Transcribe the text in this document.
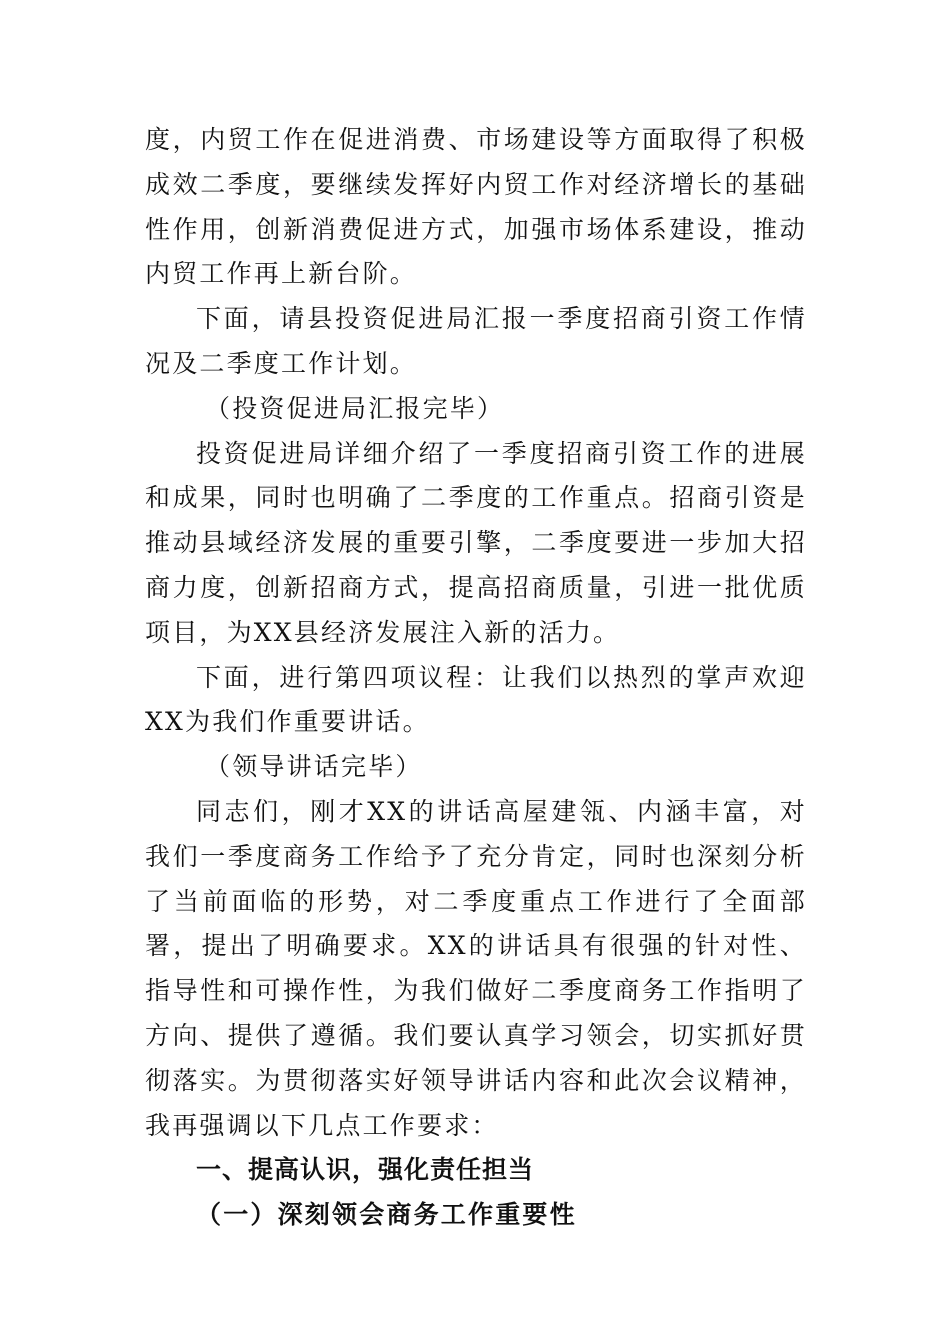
度，内贸工作在促进消费、市场建设等方面取得了积极成效二季度，要继续发挥好内贸工作对经济增长的基础性作用，创新消费促进方式，加强市场体系建设，推动内贸工作再上新台阶。

下面，请县投资促进局汇报一季度招商引资工作情况及二季度工作计划。

（投资促进局汇报完毕）

投资促进局详细介绍了一季度招商引资工作的进展和成果，同时也明确了二季度的工作重点。招商引资是推动县域经济发展的重要引擎，二季度要进一步加大招商力度，创新招商方式，提高招商质量，引进一批优质项目，为XX县经济发展注入新的活力。

下面，进行第四项议程：让我们以热烈的掌声欢迎XX为我们作重要讲话。

（领导讲话完毕）

同志们，刚才XX的讲话高屋建瓴、内涵丰富，对我们一季度商务工作给予了充分肯定，同时也深刻分析了当前面临的形势，对二季度重点工作进行了全面部署，提出了明确要求。XX的讲话具有很强的针对性、指导性和可操作性，为我们做好二季度商务工作指明了方向、提供了遵循。我们要认真学习领会，切实抓好贯彻落实。为贯彻落实好领导讲话内容和此次会议精神，我再强调以下几点工作要求：

一、提高认识，强化责任担当
（一）深刻领会商务工作重要性
